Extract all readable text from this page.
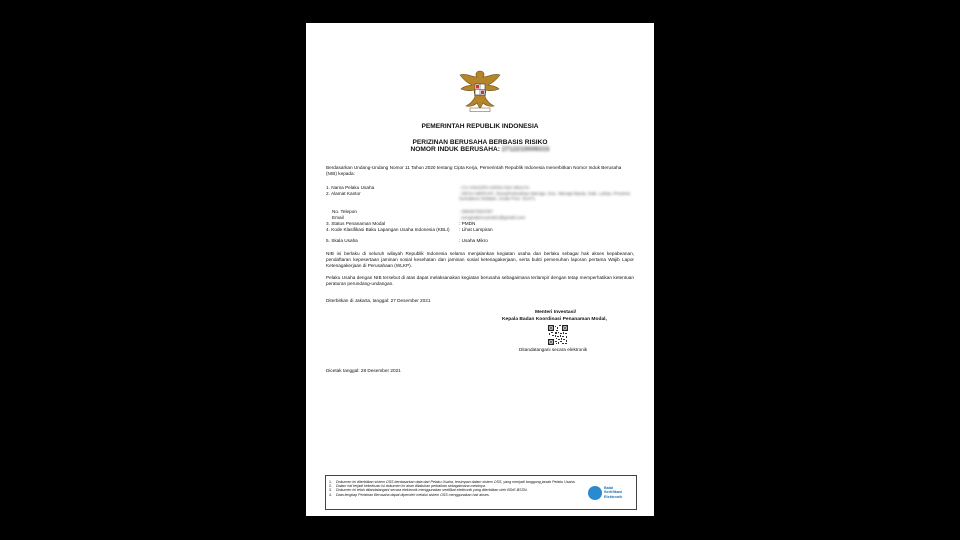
PEMERINTAH REPUBLIK INDONESIA
PERIZINAN BERUSAHA BERBASIS RISIKO
NOMOR INDUK BERUSAHA: 2712210009315
Berdasarkan Undang-Undang Nomor 11 Tahun 2020 tentang Cipta Kerja, Pemerintah Republik Indonesia menerbitkan Nomor Induk Berusaha (NIB) kepada:
1. Nama Pelaku Usaha	: CV ANUGRA KENCANA MULYA
2. Alamat Kantor	: DESA MERAPI, Desa/Kelurahan Merapi, Kec. Merapi Barat, Kab. Lahat, Provinsi Sumatera Selatan, Kode Pos: 31471
No. Telepon	: 085367553787
Email	: anugrakencana01@gmail.com
3. Status Penanaman Modal	: PMDN
4. Kode Klasifikasi Baku Lapangan Usaha Indonesia (KBLI) : Lihat Lampiran
5. Skala Usaha	: Usaha Mikro
NIB ini berlaku di seluruh wilayah Republik Indonesia selama menjalankan kegiatan usaha dan berlaku sebagai hak akses kepabeanan, pendaftaran kepesertaan jaminan sosial kesehatan dan jaminan sosial ketenagakerjaan, serta bukti pemenuhan laporan pertama Wajib Lapor Ketenagakerjaan di Perusahaan (WLKP).
Pelaku Usaha dengan NIB tersebut di atas dapat melaksanakan kegiatan berusaha sebagaimana terlampir dengan tetap memperhatikan ketentuan peraturan perundang-undangan.
Diterbitkan di Jakarta, tanggal: 27 Desember 2021
Menteri Investasi/
Kepala Badan Koordinasi Penanaman Modal,
Ditandatangani secara elektronik
Dicetak tanggal: 28 Desember 2021
1. Dokumen ini diterbitkan sistem OSS berdasarkan data dari Pelaku Usaha, tersimpan dalam sistem OSS, yang menjadi tanggung jawab Pelaku Usaha.
2. Dalam hal terjadi kekeliruan isi dokumen ini akan dilakukan perbaikan sebagaimana mestinya.
3. Dokumen ini telah ditandatangani secara elektronik menggunakan sertifikat elektronik yang diterbitkan oleh BSrE-BSSN.
4. Data lengkap Perizinan Berusaha dapat diperoleh melalui sistem OSS menggunakan hak akses.
Balai
Sertifikasi
Elektronik
